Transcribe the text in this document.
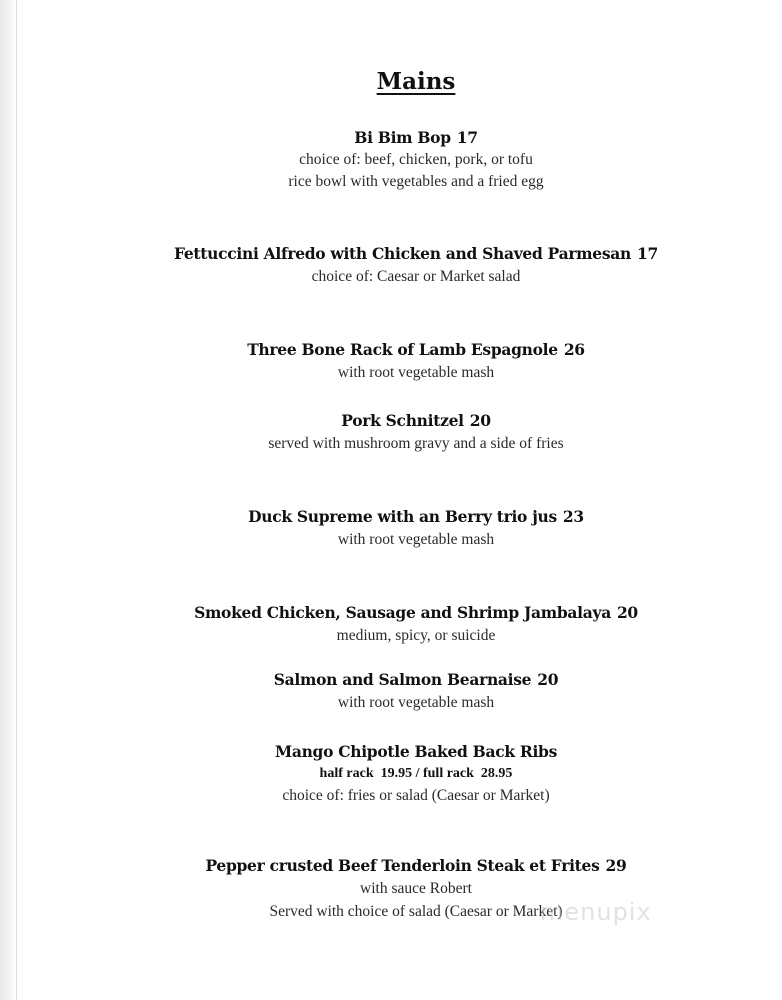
Mains
Bi Bim Bop 17
choice of: beef, chicken, pork, or tofu
rice bowl with vegetables and a fried egg
Fettuccini Alfredo with Chicken and Shaved Parmesan 17
choice of: Caesar or Market salad
Three Bone Rack of Lamb Espagnole 26
with root vegetable mash
Pork Schnitzel 20
served with mushroom gravy and a side of fries
Duck Supreme with an Berry trio jus 23
with root vegetable mash
Smoked Chicken, Sausage and Shrimp Jambalaya 20
medium, spicy, or suicide
Salmon and Salmon Bearnaise 20
with root vegetable mash
Mango Chipotle Baked Back Ribs
half rack  19.95 / full rack  28.95
choice of: fries or salad (Caesar or Market)
Pepper crusted Beef Tenderloin Steak et Frites 29
with sauce Robert
Served with choice of salad (Caesar or Market)
menupix
